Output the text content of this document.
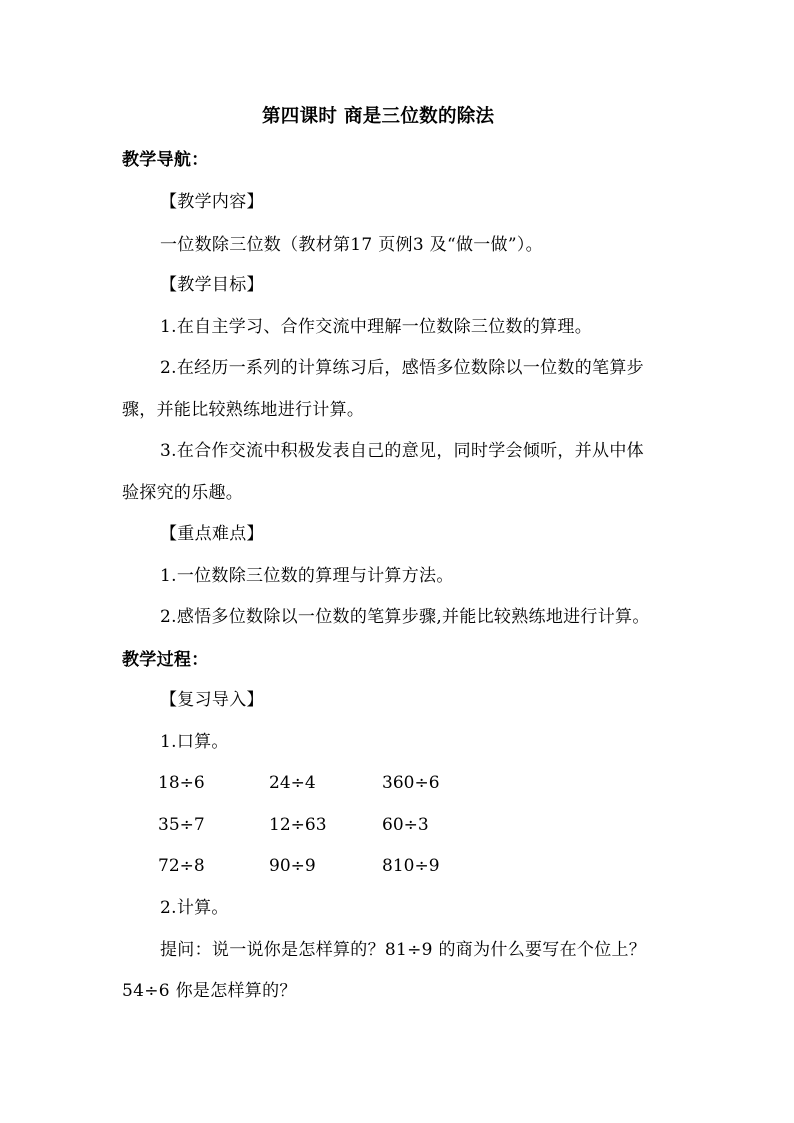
第四课时 商是三位数的除法
教学导航：
【教学内容】
一位数除三位数（教材第17 页例3 及“做一做”）。
【教学目标】
1.在自主学习、合作交流中理解一位数除三位数的算理。
2.在经历一系列的计算练习后，感悟多位数除以一位数的笔算步
骤，并能比较熟练地进行计算。
3.在合作交流中积极发表自己的意见，同时学会倾听，并从中体
验探究的乐趣。
【重点难点】
1.一位数除三位数的算理与计算方法。
2.感悟多位数除以一位数的笔算步骤,并能比较熟练地进行计算。
教学过程：
【复习导入】
1.口算。
18÷6	24÷4	360÷6
35÷7	12÷63	60÷3
72÷8	90÷9	810÷9
2.计算。
提问：说一说你是怎样算的？81÷9 的商为什么要写在个位上？
54÷6 你是怎样算的？
